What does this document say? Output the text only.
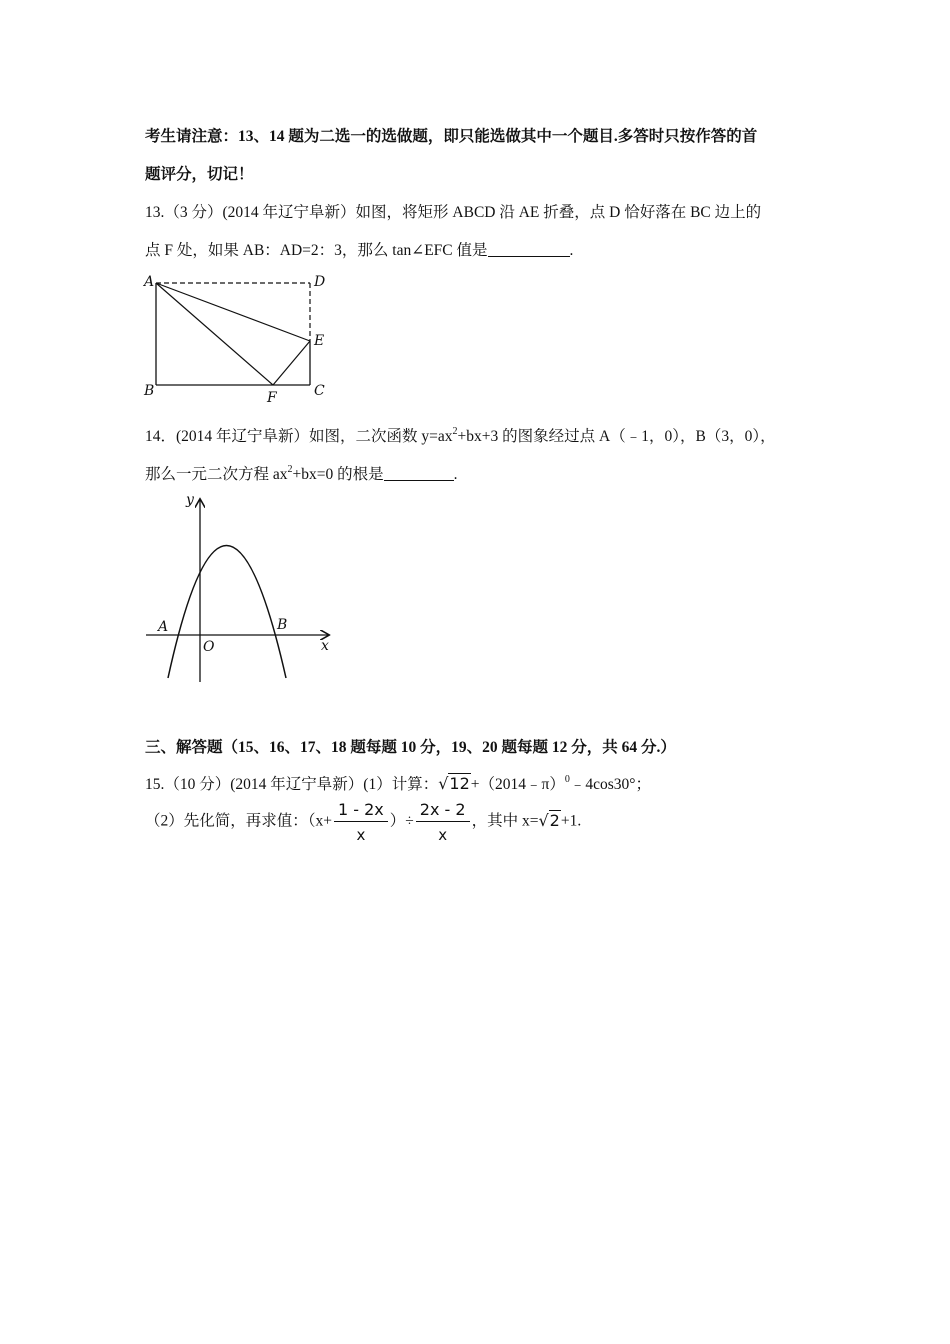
考生请注意：13、14 题为二选一的选做题，即只能选做其中一个题目.多答时只按作答的首
题评分，切记！
13.（3 分）(2014 年辽宁阜新）如图，将矩形 ABCD 沿 AE 折叠，点 D 恰好落在 BC 边上的
点 F 处，如果 AB：AD=2：3，那么 tan∠EFC 值是	.
A	D
E
B	F	C
14．(2014 年辽宁阜新）如图，二次函数 $y=ax^2+bx+3$ 的图象经过点 A（﹣1，0），B（3，0），
那么一元二次方程 $ax^2+bx=0$ 的根是	.
y
A
O
B
x
三、解答题（15、16、17、18 题每题 10 分，19、20 题每题 12 分，共 64 分.）
15.（10 分）(2014 年辽宁阜新）(1）计算：√12+（2014﹣π）$^0$﹣4cos30°；
（2）先化简，再求值：（$x+ \frac{1 - 2x}{x}$ ）÷ $\frac{2x - 2}{x}$ ，其中 x=√2+1.
